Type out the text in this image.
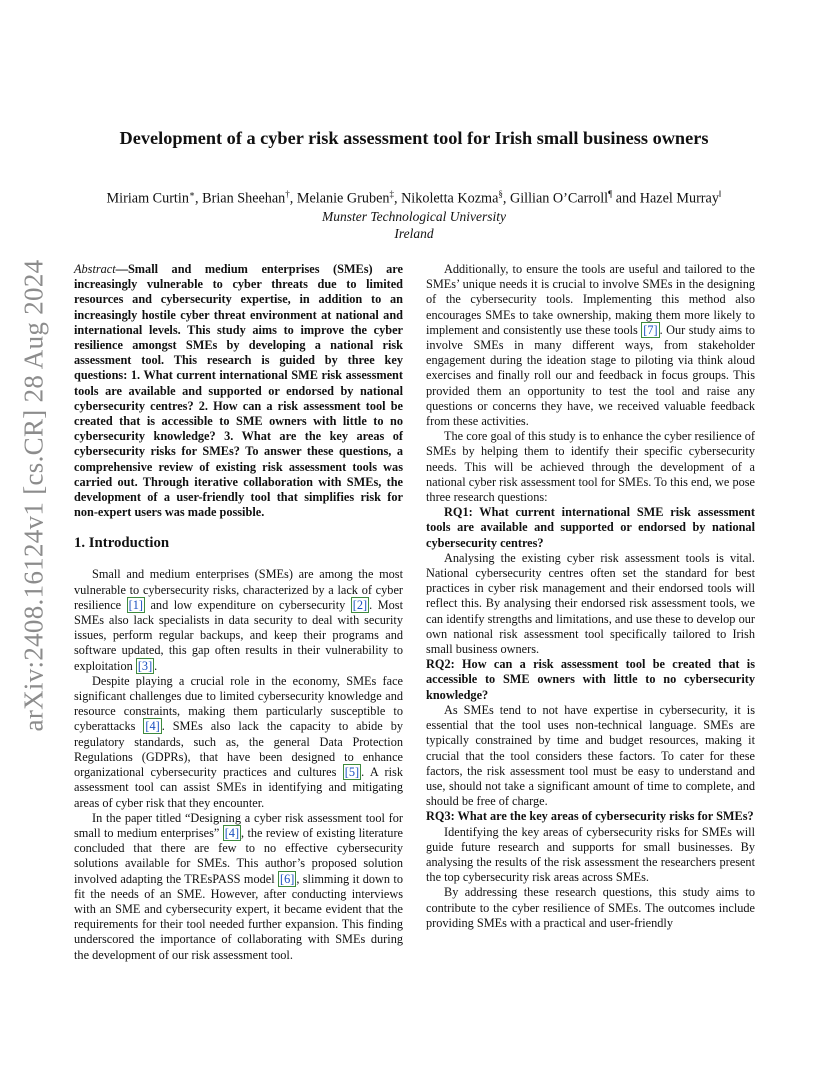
arXiv:2408.16124v1 [cs.CR] 28 Aug 2024
Development of a cyber risk assessment tool for Irish small business owners
Miriam Curtin∗, Brian Sheehan†, Melanie Gruben‡, Nikoletta Kozma§, Gillian O’Carroll¶ and Hazel Murray‖
Munster Technological University
Ireland

Abstract—Small and medium enterprises (SMEs) are increasingly vulnerable to cyber threats due to limited resources and cybersecurity expertise, in addition to an increasingly hostile cyber threat environment at national and international levels. This study aims to improve the cyber resilience amongst SMEs by developing a national risk assessment tool. This research is guided by three key questions: 1. What current international SME risk assessment tools are available and supported or endorsed by national cybersecurity centres? 2. How can a risk assessment tool be created that is accessible to SME owners with little to no cybersecurity knowledge? 3. What are the key areas of cybersecurity risks for SMEs? To answer these questions, a comprehensive review of existing risk assessment tools was carried out. Through iterative collaboration with SMEs, the development of a user-friendly tool that simplifies risk for non-expert users was made possible.

1. Introduction

Small and medium enterprises (SMEs) are among the most vulnerable to cybersecurity risks, characterized by a lack of cyber resilience [1] and low expenditure on cybersecurity [2] . Most SMEs also lack specialists in data security to deal with security issues, perform regular backups, and keep their programs and software updated, this gap often results in their vulnerability to exploitation [3] .

Despite playing a crucial role in the economy, SMEs face significant challenges due to limited cybersecurity knowledge and resource constraints, making them particularly susceptible to cyberattacks [4] . SMEs also lack the capacity to abide by regulatory standards, such as, the general Data Protection Regulations (GDPRs), that have been designed to enhance organizational cybersecurity practices and cultures [5] . A risk assessment tool can assist SMEs in identifying and mitigating areas of cyber risk that they encounter.

In the paper titled “Designing a cyber risk assessment tool for small to medium enterprises” [4] , the review of existing literature concluded that there are few to no effective cybersecurity solutions available for SMEs. This author’s proposed solution involved adapting the TREsPASS model [6] , slimming it down to fit the needs of an SME. However, after conducting interviews with an SME and cybersecurity expert, it became evident that the requirements for their tool needed further expansion. This finding underscored the importance of collaborating with SMEs during the development of our risk assessment tool.

Additionally, to ensure the tools are useful and tailored to the SMEs’ unique needs it is crucial to involve SMEs in the designing of the cybersecurity tools. Implementing this method also encourages SMEs to take ownership, making them more likely to implement and consistently use these tools [7] . Our study aims to involve SMEs in many different ways, from stakeholder engagement during the ideation stage to piloting via think aloud exercises and finally roll our and feedback in focus groups. This provided them an opportunity to test the tool and raise any questions or concerns they have, we received valuable feedback from these activities.

The core goal of this study is to enhance the cyber resilience of SMEs by helping them to identify their specific cybersecurity needs. This will be achieved through the development of a national cyber risk assessment tool for SMEs. To this end, we pose three research questions:

RQ1: What current international SME risk assessment tools are available and supported or endorsed by national cybersecurity centres?

Analysing the existing cyber risk assessment tools is vital. National cybersecurity centres often set the standard for best practices in cyber risk management and their endorsed tools will reflect this. By analysing their endorsed risk assessment tools, we can identify strengths and limitations, and use these to develop our own national risk assessment tool specifically tailored to Irish small business owners.

RQ2: How can a risk assessment tool be created that is accessible to SME owners with little to no cybersecurity knowledge?

As SMEs tend to not have expertise in cybersecurity, it is essential that the tool uses non-technical language. SMEs are typically constrained by time and budget resources, making it crucial that the tool considers these factors. To cater for these factors, the risk assessment tool must be easy to understand and use, should not take a significant amount of time to complete, and should be free of charge.

RQ3: What are the key areas of cybersecurity risks for SMEs?

Identifying the key areas of cybersecurity risks for SMEs will guide future research and supports for small businesses. By analysing the results of the risk assessment the researchers present the top cybersecurity risk areas across SMEs.

By addressing these research questions, this study aims to contribute to the cyber resilience of SMEs. The outcomes include providing SMEs with a practical and user-friendly
